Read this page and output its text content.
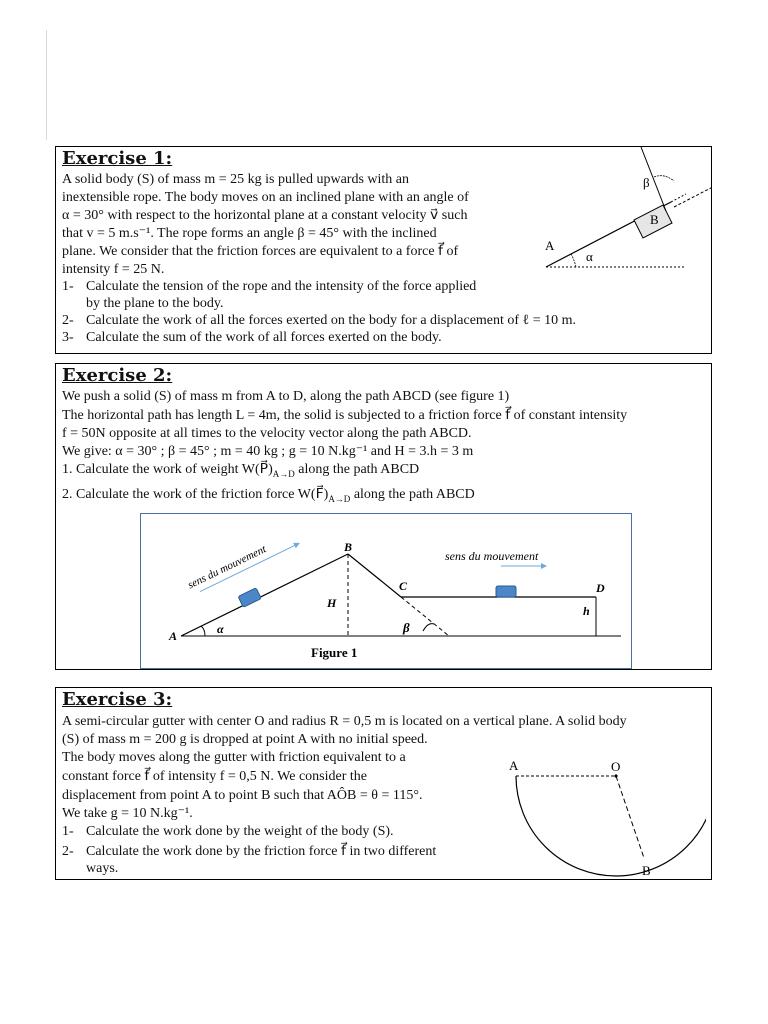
Exercise 1:
A solid body (S) of mass m = 25 kg is pulled upwards with an
inextensible rope. The body moves on an inclined plane with an angle of
α = 30° with respect to the horizontal plane at a constant velocity v⃗ such
that v = 5 m.s⁻¹. The rope forms an angle β = 45° with the inclined
plane. We consider that the friction forces are equivalent to a force f⃗ of
intensity f = 25 N.
1- Calculate the tension of the rope and the intensity of the force applied
by the plane to the body.
2- Calculate the work of all the forces exerted on the body for a displacement of ℓ = 10 m.
3- Calculate the sum of the work of all forces exerted on the body.
A
B
α
β
Exercise 2:
We push a solid (S) of mass m from A to D, along the path ABCD (see figure 1)
The horizontal path has length L = 4m, the solid is subjected to a friction force f⃗ of constant intensity
f = 50N opposite at all times to the velocity vector along the path ABCD.
We give: α = 30° ; β = 45° ; m = 40 kg ; g = 10 N.kg⁻¹ and H = 3.h = 3 m
1. Calculate the work of weight $W(P⃗)_{A\to D}$ along the path ABCD
2. Calculate the work of the friction force $W(F⃗)_{A\to D}$ along the path ABCD
sens du mouvement	sens du mouvement
A
B
C	D
H
h
α	β
Figure 1
Exercise 3:
A semi-circular gutter with center O and radius R = 0,5 m is located on a vertical plane. A solid body
(S) of mass m = 200 g is dropped at point A with no initial speed.
The body moves along the gutter with friction equivalent to a
constant force f⃗ of intensity f = 0,5 N. We consider the
displacement from point A to point B such that AÔB = θ = 115°.
We take g = 10 N.kg⁻¹.
1- Calculate the work done by the weight of the body (S).
2- Calculate the work done by the friction force f⃗ in two different
ways.
A	O
B
